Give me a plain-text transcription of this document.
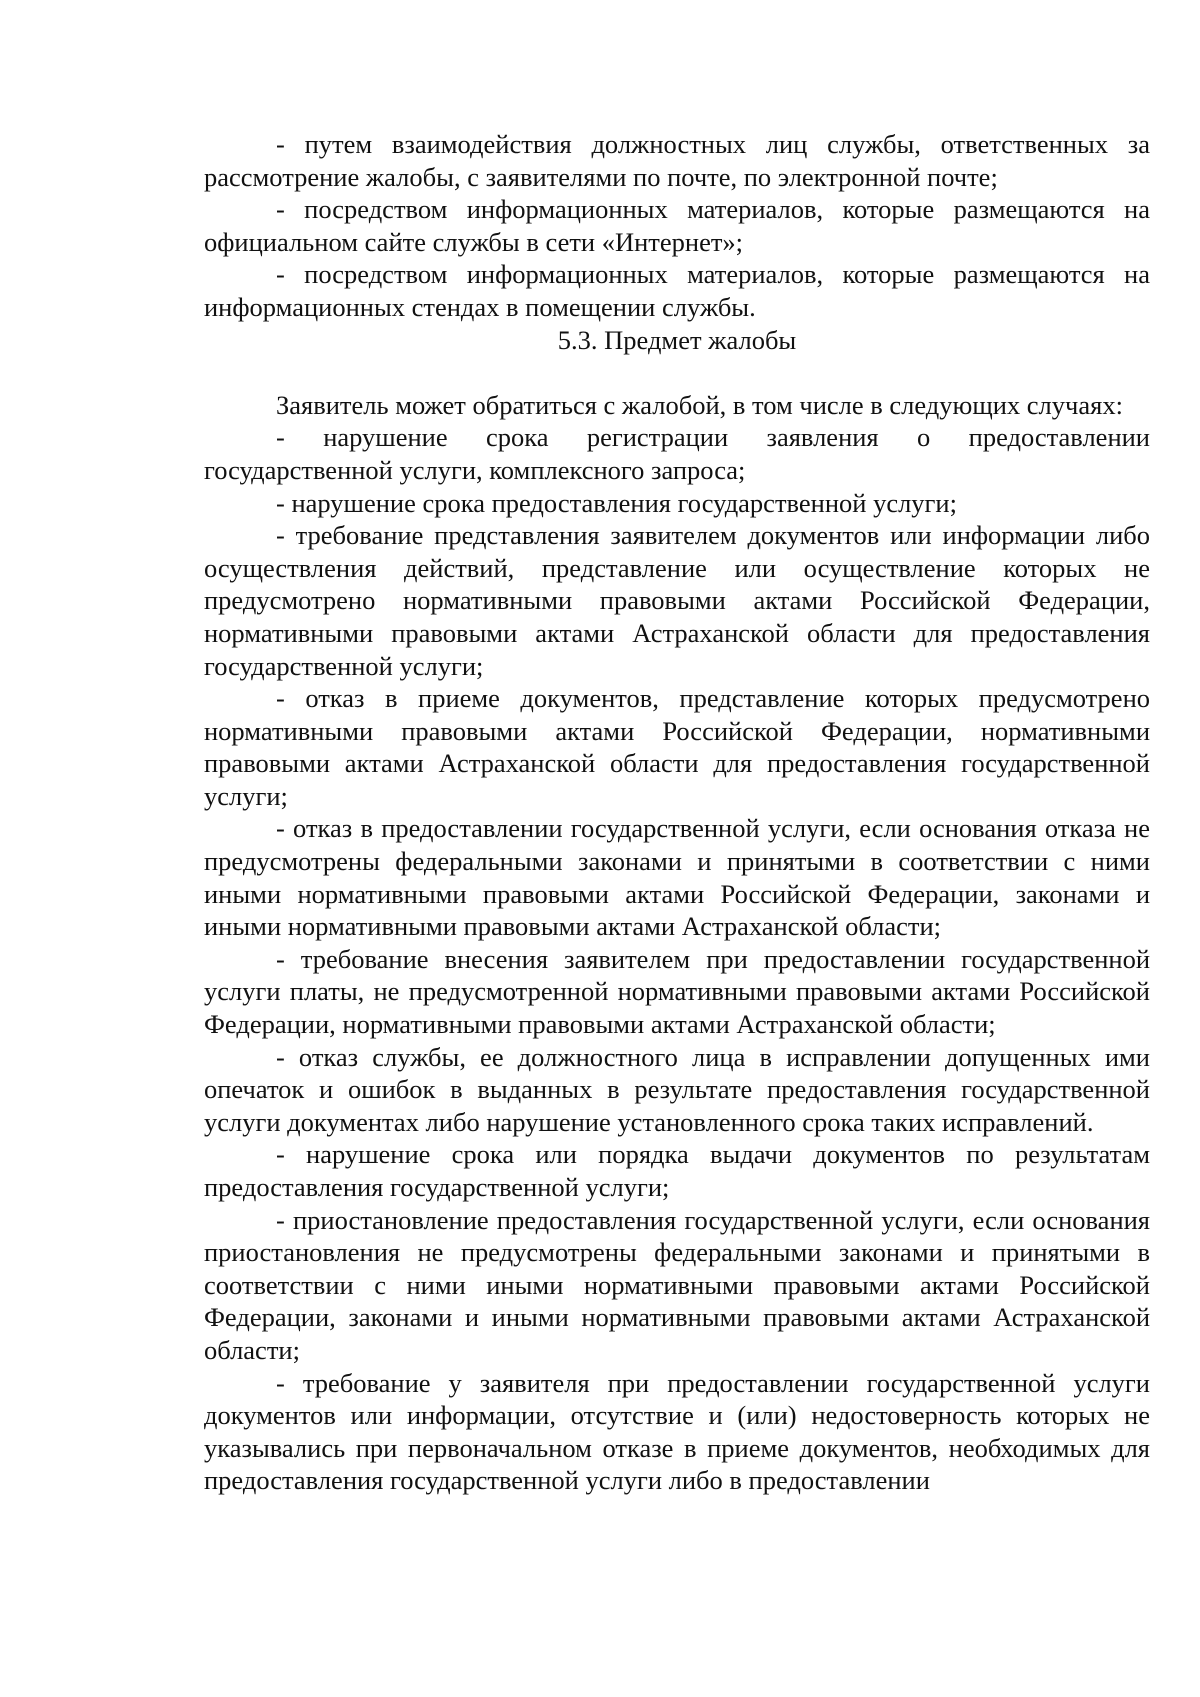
- путем взаимодействия должностных лиц службы, ответственных за рассмотрение жалобы, с заявителями по почте, по электронной почте;

- посредством информационных материалов, которые размещаются на официальном сайте службы в сети «Интернет»;

- посредством информационных материалов, которые размещаются на информационных стендах в помещении службы.

5.3. Предмет жалобы

Заявитель может обратиться с жалобой, в том числе в следующих случаях:

- нарушение срока регистрации заявления о предоставлении государственной услуги, комплексного запроса;

- нарушение срока предоставления государственной услуги;

- требование представления заявителем документов или информации либо осуществления действий, представление или осуществление которых не предусмотрено нормативными правовыми актами Российской Федерации, нормативными правовыми актами Астраханской области для предоставления государственной услуги;

- отказ в приеме документов, представление которых предусмотрено нормативными правовыми актами Российской Федерации, нормативными правовыми актами Астраханской области для предоставления государственной услуги;

- отказ в предоставлении государственной услуги, если основания отказа не предусмотрены федеральными законами и принятыми в соответствии с ними иными нормативными правовыми актами Российской Федерации, законами и иными нормативными правовыми актами Астраханской области;

- требование внесения заявителем при предоставлении государственной услуги платы, не предусмотренной нормативными правовыми актами Российской Федерации, нормативными правовыми актами Астраханской области;

- отказ службы, ее должностного лица в исправлении допущенных ими опечаток и ошибок в выданных в результате предоставления государственной услуги документах либо нарушение установленного срока таких исправлений.

- нарушение срока или порядка выдачи документов по результатам предоставления государственной услуги;

- приостановление предоставления государственной услуги, если основания приостановления не предусмотрены федеральными законами и принятыми в соответствии с ними иными нормативными правовыми актами Российской Федерации, законами и иными нормативными правовыми актами Астраханской области;

- требование у заявителя при предоставлении государственной услуги документов или информации, отсутствие и (или) недостоверность которых не указывались при первоначальном отказе в приеме документов, необходимых для предоставления государственной услуги либо в предоставлении
